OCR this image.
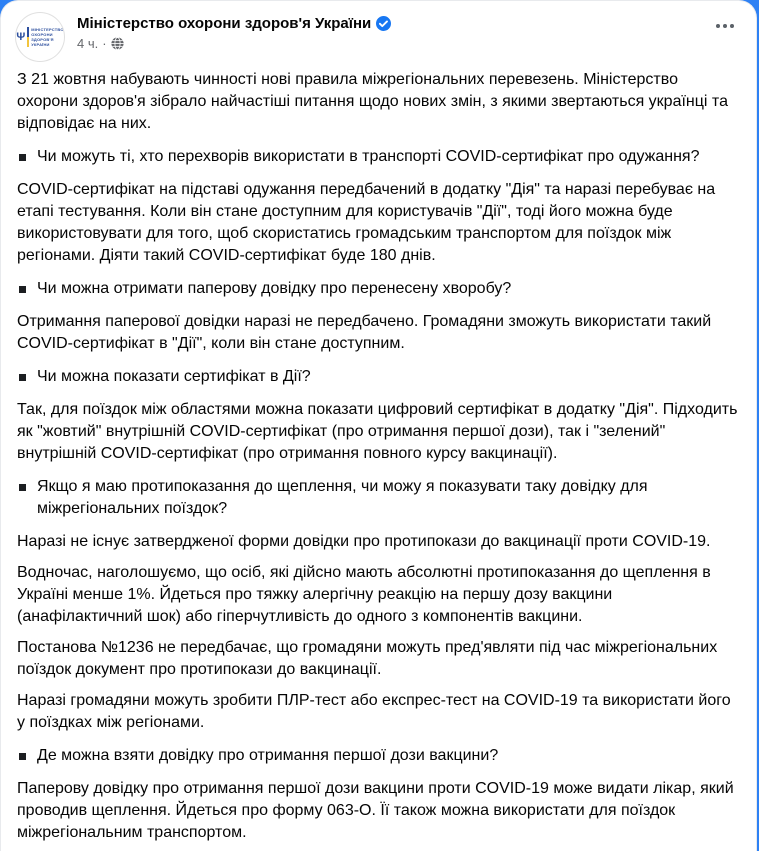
Ψ
МІНІСТЕРСТВО
ОХОРОНИ
ЗДОРОВ'Я
УКРАЇНИ
Міністерство охорони здоров'я України
4 ч. ·
З 21 жовтня набувають чинності нові правила міжрегіональних перевезень. Міністерство охорони здоров'я зібрало найчастіші питання щодо нових змін, з якими звертаються українці та відповідає на них.
Чи можуть ті, хто перехворів використати в транспорті COVID-сертифікат про одужання?
COVID-сертифікат на підставі одужання передбачений в додатку "Дія" та наразі перебуває на етапі тестування. Коли він стане доступним для користувачів "Дії", тоді його можна буде використовувати для того, щоб скористатись громадським транспортом для поїздок між регіонами. Діяти такий COVID-сертифікат буде 180 днів.
Чи можна отримати паперову довідку про перенесену хворобу?
Отримання паперової довідки наразі не передбачено. Громадяни зможуть використати такий COVID-сертифікат в "Дії", коли він стане доступним.
Чи можна показати сертифікат в Дії?
Так, для поїздок між областями можна показати цифровий сертифікат в додатку "Дія". Підходить як "жовтий" внутрішній COVID-сертифікат (про отримання першої дози), так і "зелений" внутрішній COVID-сертифікат (про отримання повного курсу вакцинації).
Якщо я маю протипоказання до щеплення, чи можу я показувати таку довідку для міжрегіональних поїздок?
Наразі не існує затвердженої форми довідки про протипокази до вакцинації проти COVID-19.
Водночас, наголошуємо, що осіб, які дійсно мають абсолютні протипоказання до щеплення в Україні менше 1%. Йдеться про тяжку алергічну реакцію на першу дозу вакцини (анафілактичний шок) або гіперчутливість до одного з компонентів вакцини.
Постанова №1236 не передбачає, що громадяни можуть пред'являти під час міжрегіональних поїздок документ про протипокази до вакцинації.
Наразі громадяни можуть зробити ПЛР-тест або експрес-тест на COVID-19 та використати його у поїздках між регіонами.
Де можна взяти довідку про отримання першої дози вакцини?
Паперову довідку про отримання першої дози вакцини проти COVID-19 може видати лікар, який проводив щеплення. Йдеться про форму 063-О. Її також можна використати для поїздок міжрегіональним транспортом.
